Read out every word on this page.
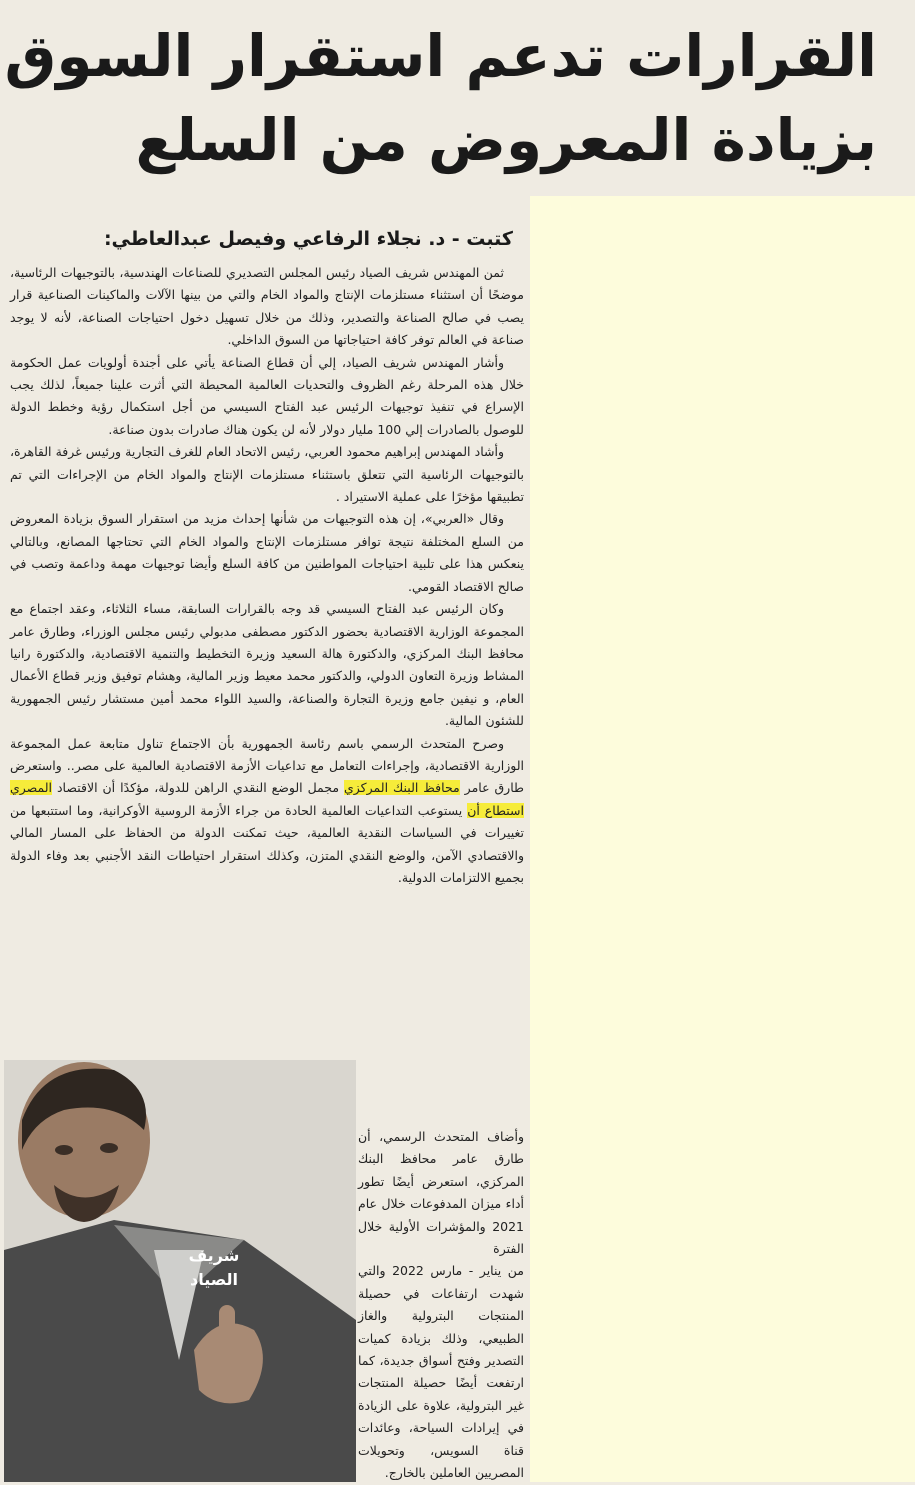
القرارات تدعم استقرار السوق
بزيادة المعروض من السلع
كتبت - د. نجلاء الرفاعي وفيصل عبدالعاطي:

ثمن المهندس شريف الصياد رئيس المجلس التصديري للصناعات الهندسية، بالتوجيهات الرئاسية، موضحًا أن استثناء مستلزمات الإنتاج والمواد الخام والتي من بينها الآلات والماكينات الصناعية قرار يصب في صالح الصناعة والتصدير، وذلك من خلال تسهيل دخول احتياجات الصناعة، لأنه لا يوجد صناعة في العالم توفر كافة احتياجاتها من السوق الداخلي.

وأشار المهندس شريف الصياد، إلي أن قطاع الصناعة يأتي على أجندة أولويات عمل الحكومة خلال هذه المرحلة رغم الظروف والتحديات العالمية المحيطة التي أثرت علينا جميعاً، لذلك يجب الإسراع في تنفيذ توجيهات الرئيس عبد الفتاح السيسي من أجل استكمال رؤية وخطط الدولة للوصول بالصادرات إلي 100 مليار دولار لأنه لن يكون هناك صادرات بدون صناعة.

وأشاد المهندس إبراهيم محمود العربي، رئيس الاتحاد العام للغرف التجارية ورئيس غرفة القاهرة، بالتوجيهات الرئاسية التي تتعلق باستثناء مستلزمات الإنتاج والمواد الخام من الإجراءات التي تم تطبيقها مؤخرًا على عملية الاستيراد .

وقال «العربي»، إن هذه التوجيهات من شأنها إحداث مزيد من استقرار السوق بزيادة المعروض من السلع المختلفة نتيجة توافر مستلزمات الإنتاج والمواد الخام التي تحتاجها المصانع، وبالتالي ينعكس هذا على تلبية احتياجات المواطنين من كافة السلع وأيضا توجيهات مهمة وداعمة وتصب في صالح الاقتصاد القومي.

وكان الرئيس عبد الفتاح السيسي قد وجه بالقرارات السابقة، مساء الثلاثاء، وعقد اجتماع مع المجموعة الوزارية الاقتصادية بحضور الدكتور مصطفى مدبولي رئيس مجلس الوزراء، وطارق عامر محافظ البنك المركزي، والدكتورة هالة السعيد وزيرة التخطيط والتنمية الاقتصادية، والدكتورة رانيا المشاط وزيرة التعاون الدولي، والدكتور محمد معيط وزير المالية، وهشام توفيق وزير قطاع الأعمال العام، و نيفين جامع وزيرة التجارة والصناعة، والسيد اللواء محمد أمين مستشار رئيس الجمهورية للشئون المالية.

وصرح المتحدث الرسمي باسم رئاسة الجمهورية بأن الاجتماع تناول متابعة عمل المجموعة الوزارية الاقتصادية، وإجراءات التعامل مع تداعيات الأزمة الاقتصادية العالمية على مصر.. واستعرض طارق عامر محافظ البنك المركزي مجمل الوضع النقدي الراهن للدولة، مؤكدًا أن الاقتصاد المصري استطاع أن يستوعب التداعيات العالمية الحادة من جراء الأزمة الروسية الأوكرانية، وما استتبعها من تغييرات في السياسات النقدية العالمية، حيث تمكنت الدولة من الحفاظ على المسار المالي والاقتصادي الآمن، والوضع النقدي المتزن، وكذلك استقرار احتياطات النقد الأجنبي بعد وفاء الدولة بجميع الالتزامات الدولية.

شريف
الصياد
وأضاف المتحدث الرسمي، أن طارق عامر محافظ البنك المركزي، استعرض أيضًا تطور أداء ميزان المدفوعات خلال عام 2021 والمؤشرات الأولية خلال الفترة
من يناير - مارس 2022 والتي شهدت ارتفاعات في حصيلة المنتجات البترولية والغاز الطبيعي، وذلك بزيادة كميات التصدير وفتح أسواق جديدة، كما ارتفعت أيضًا حصيلة المنتجات غير البترولية، علاوة على الزيادة في إيرادات السياحة، وعائدات قناة السويس، وتحويلات المصريين العاملين بالخارج.
